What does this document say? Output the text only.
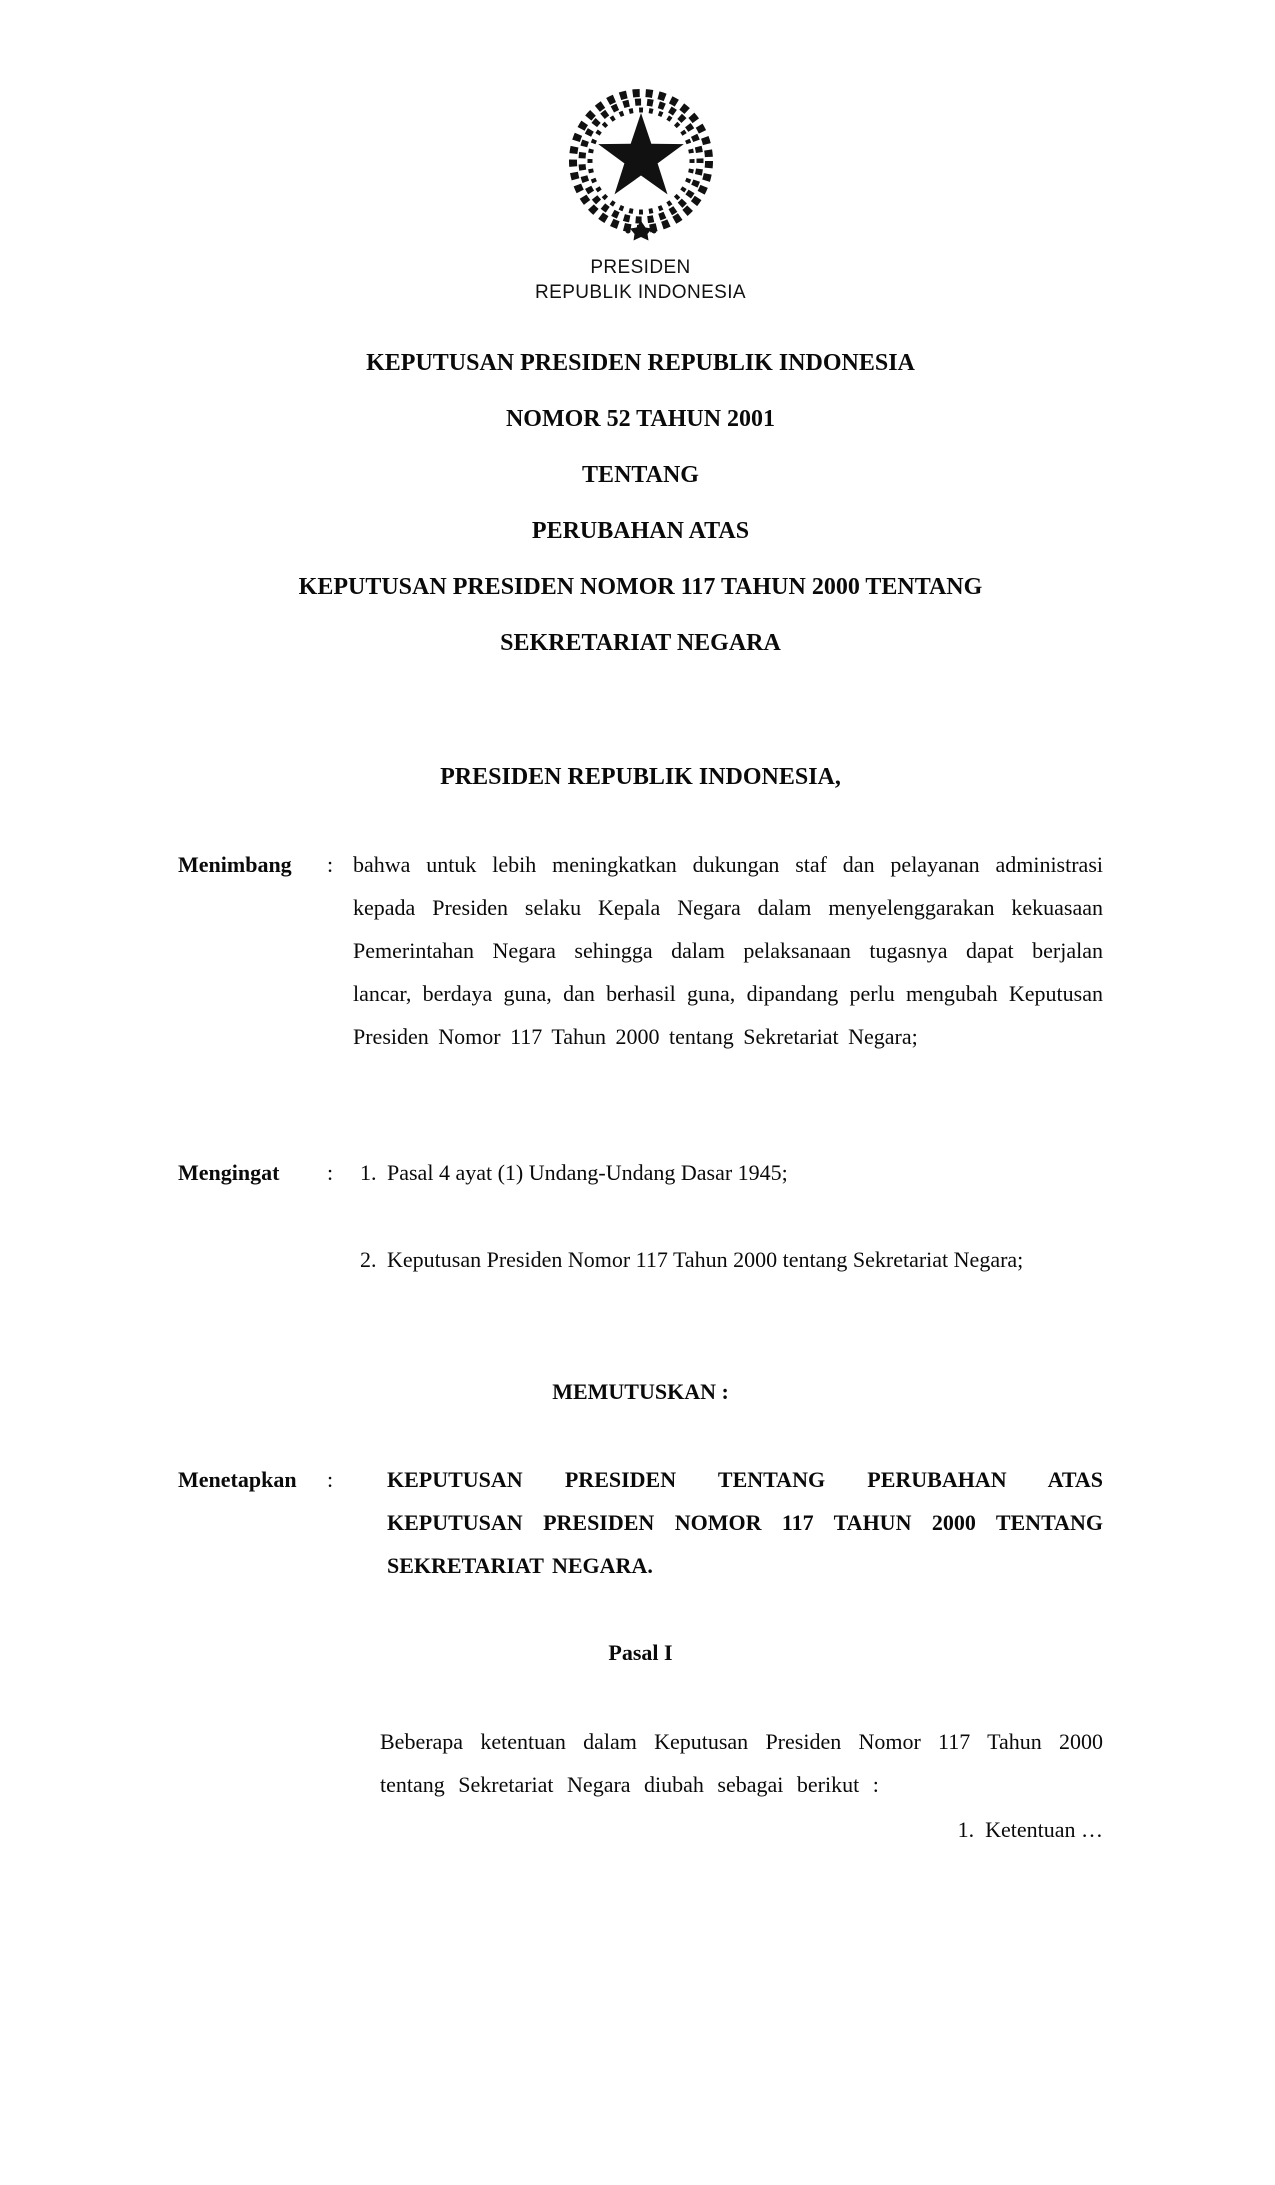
PRESIDEN
REPUBLIK INDONESIA

KEPUTUSAN PRESIDEN REPUBLIK INDONESIA

NOMOR 52 TAHUN 2001

TENTANG

PERUBAHAN ATAS

KEPUTUSAN PRESIDEN NOMOR 117 TAHUN 2000 TENTANG

SEKRETARIAT NEGARA

PRESIDEN REPUBLIK INDONESIA,
Menimbang	: bahwa untuk lebih meningkatkan dukungan staf dan pelayanan administrasi kepada Presiden selaku Kepala Negara dalam menyelenggarakan kekuasaan Pemerintahan Negara sehingga dalam pelaksanaan tugasnya dapat berjalan lancar, berdaya guna, dan berhasil guna, dipandang perlu mengubah Keputusan Presiden Nomor 117 Tahun 2000 tentang Sekretariat Negara;
Mengingat	:	1. Pasal 4 ayat (1) Undang-Undang Dasar 1945;
2. Keputusan Presiden Nomor 117 Tahun 2000 tentang Sekretariat Negara;
MEMUTUSKAN :
Menetapkan	:	KEPUTUSAN PRESIDEN TENTANG PERUBAHAN ATAS KEPUTUSAN PRESIDEN NOMOR 117 TAHUN 2000 TENTANG SEKRETARIAT NEGARA.
Pasal I
Beberapa ketentuan dalam Keputusan Presiden Nomor 117 Tahun 2000 tentang Sekretariat Negara diubah sebagai berikut :
1.  Ketentuan …
